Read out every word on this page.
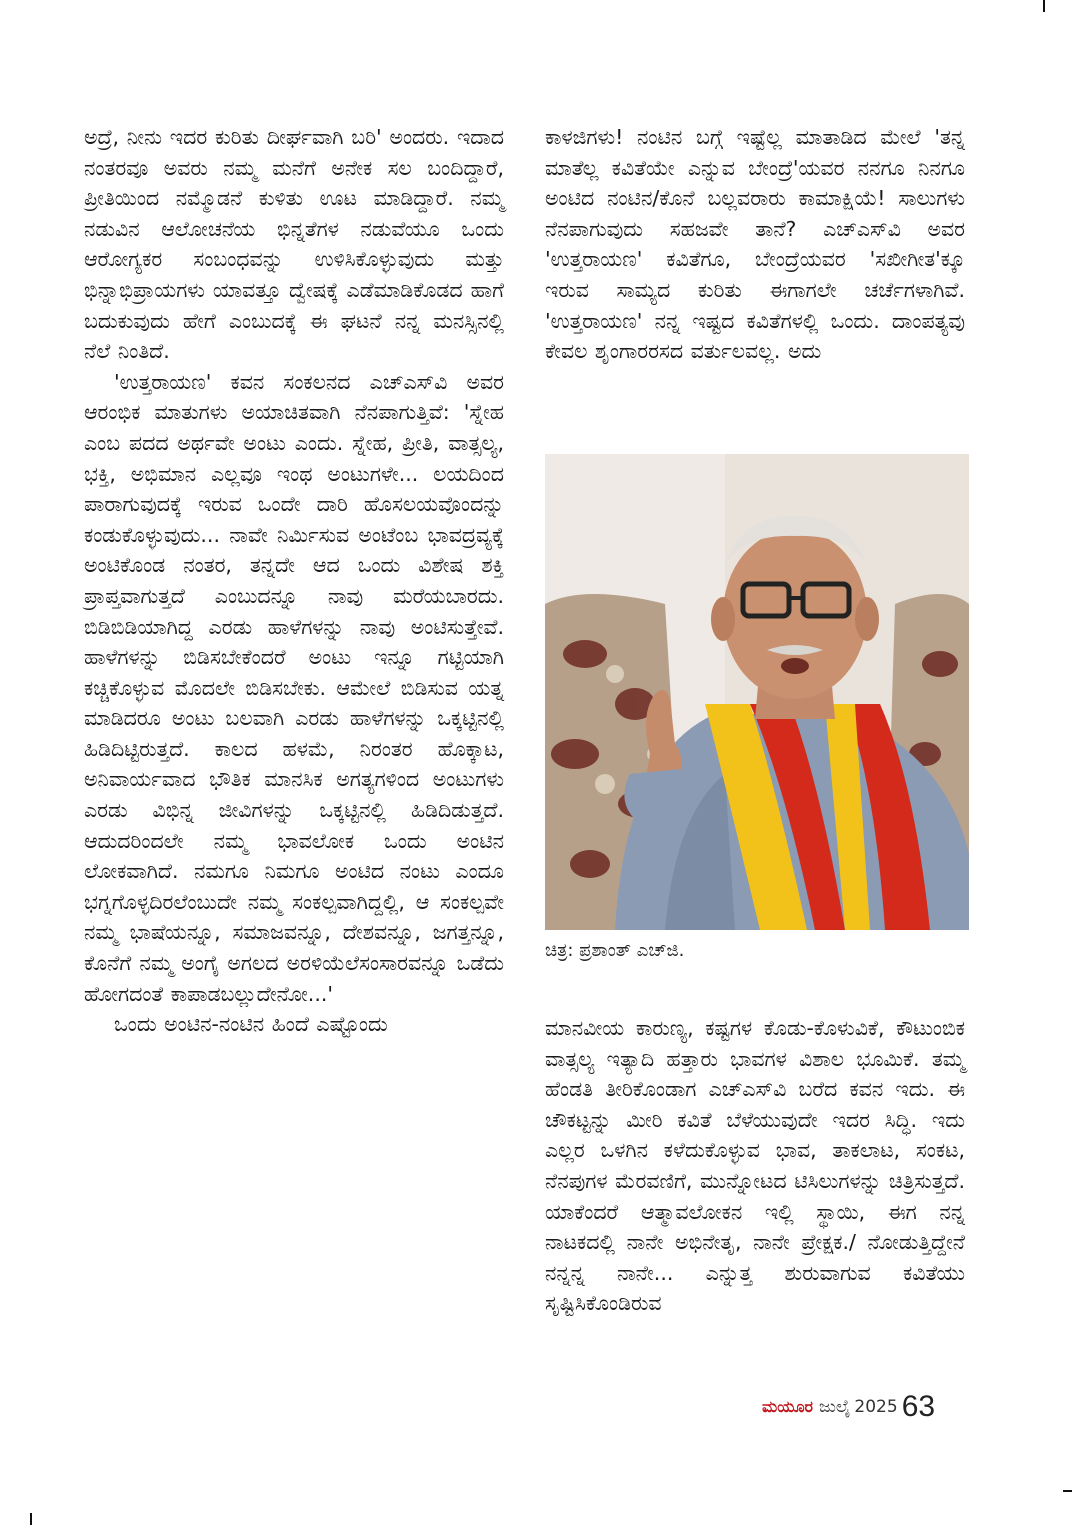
ಅದ್ರೆ, ನೀನು ಇದರ ಕುರಿತು ದೀರ್ಘವಾಗಿ ಬರಿ' ಅಂದರು. ಇದಾದ ನಂತರವೂ ಅವರು ನಮ್ಮ ಮನೆಗೆ ಅನೇಕ ಸಲ ಬಂದಿದ್ದಾರೆ, ಪ್ರೀತಿಯಿಂದ ನಮ್ಮೊಡನೆ ಕುಳಿತು ಊಟ ಮಾಡಿದ್ದಾರೆ. ನಮ್ಮ ನಡುವಿನ ಆಲೋಚನೆಯ ಭಿನ್ನತೆಗಳ ನಡುವೆಯೂ ಒಂದು ಆರೋಗ್ಯಕರ ಸಂಬಂಧವನ್ನು ಉಳಿಸಿಕೊಳ್ಳುವುದು ಮತ್ತು ಭಿನ್ನಾಭಿಪ್ರಾಯಗಳು ಯಾವತ್ತೂ ದ್ವೇಷಕ್ಕೆ ಎಡೆಮಾಡಿಕೊಡದ ಹಾಗೆ ಬದುಕುವುದು ಹೇಗೆ ಎಂಬುದಕ್ಕೆ ಈ ಘಟನೆ ನನ್ನ ಮನಸ್ಸಿನಲ್ಲಿ ನೆಲೆ ನಿಂತಿದೆ.

'ಉತ್ತರಾಯಣ' ಕವನ ಸಂಕಲನದ ಎಚ್‌ಎಸ್‌ವಿ ಅವರ ಆರಂಭಿಕ ಮಾತುಗಳು ಅಯಾಚಿತವಾಗಿ ನೆನಪಾಗುತ್ತಿವೆ: 'ಸ್ನೇಹ ಎಂಬ ಪದದ ಅರ್ಥವೇ ಅಂಟು ಎಂದು. ಸ್ನೇಹ, ಪ್ರೀತಿ, ವಾತ್ಸಲ್ಯ, ಭಕ್ತಿ, ಅಭಿಮಾನ ಎಲ್ಲವೂ ಇಂಥ ಅಂಟುಗಳೇ... ಲಯದಿಂದ ಪಾರಾಗುವುದಕ್ಕೆ ಇರುವ ಒಂದೇ ದಾರಿ ಹೊಸಲಯವೊಂದನ್ನು ಕಂಡುಕೊಳ್ಳುವುದು... ನಾವೇ ನಿರ್ಮಿಸುವ ಅಂಟೆಂಬ ಭಾವದ್ರವ್ಯಕ್ಕೆ ಅಂಟಿಕೊಂಡ ನಂತರ, ತನ್ನದೇ ಆದ ಒಂದು ವಿಶೇಷ ಶಕ್ತಿ ಪ್ರಾಪ್ತವಾಗುತ್ತದೆ ಎಂಬುದನ್ನೂ ನಾವು ಮರೆಯಬಾರದು. ಬಿಡಿಬಿಡಿಯಾಗಿದ್ದ ಎರಡು ಹಾಳೆಗಳನ್ನು ನಾವು ಅಂಟಿಸುತ್ತೇವೆ. ಹಾಳೆಗಳನ್ನು ಬಿಡಿಸಬೇಕೆಂದರೆ ಅಂಟು ಇನ್ನೂ ಗಟ್ಟಿಯಾಗಿ ಕಚ್ಚಿಕೊಳ್ಳುವ ಮೊದಲೇ ಬಿಡಿಸಬೇಕು. ಆಮೇಲೆ ಬಿಡಿಸುವ ಯತ್ನ ಮಾಡಿದರೂ ಅಂಟು ಬಲವಾಗಿ ಎರಡು ಹಾಳೆಗಳನ್ನು ಒಕ್ಕಟ್ಟಿನಲ್ಲಿ ಹಿಡಿದಿಟ್ಟಿರುತ್ತದೆ. ಕಾಲದ ಹಳಮೆ, ನಿರಂತರ ಹೊಕ್ಕಾಟ, ಅನಿವಾರ್ಯವಾದ ಭೌತಿಕ ಮಾನಸಿಕ ಅಗತ್ಯಗಳಿಂದ ಅಂಟುಗಳು ಎರಡು ವಿಭಿನ್ನ ಜೀವಿಗಳನ್ನು ಒಕ್ಕಟ್ಟಿನಲ್ಲಿ ಹಿಡಿದಿಡುತ್ತದೆ. ಆದುದರಿಂದಲೇ ನಮ್ಮ ಭಾವಲೋಕ ಒಂದು ಅಂಟಿನ ಲೋಕವಾಗಿದೆ. ನಮಗೂ ನಿಮಗೂ ಅಂಟಿದ ನಂಟು ಎಂದೂ ಭಗ್ನಗೊಳ್ಳದಿರಲೆಂಬುದೇ ನಮ್ಮ ಸಂಕಲ್ಪವಾಗಿದ್ದಲ್ಲಿ, ಆ ಸಂಕಲ್ಪವೇ ನಮ್ಮ ಭಾಷೆಯನ್ನೂ, ಸಮಾಜವನ್ನೂ, ದೇಶವನ್ನೂ, ಜಗತ್ತನ್ನೂ, ಕೊನೆಗೆ ನಮ್ಮ ಅಂಗೈ ಅಗಲದ ಅರಳಿಯೆಲೆಸಂಸಾರವನ್ನೂ ಒಡೆದು ಹೋಗದಂತೆ ಕಾಪಾಡಬಲ್ಲುದೇನೋ...'

ಒಂದು ಅಂಟಿನ-ನಂಟಿನ ಹಿಂದೆ ಎಷ್ಟೊಂದು

ಕಾಳಜಿಗಳು! ನಂಟಿನ ಬಗ್ಗೆ ಇಷ್ಟೆಲ್ಲ ಮಾತಾಡಿದ ಮೇಲೆ 'ತನ್ನ ಮಾತೆಲ್ಲ ಕವಿತೆಯೇ ಎನ್ನುವ ಬೇಂದ್ರೆ'ಯವರ ನನಗೂ ನಿನಗೂ ಅಂಟಿದ ನಂಟಿನ/ಕೊನೆ ಬಲ್ಲವರಾರು ಕಾಮಾಕ್ಷಿಯೆ! ಸಾಲುಗಳು ನೆನಪಾಗುವುದು ಸಹಜವೇ ತಾನೆ? ಎಚ್‌ಎಸ್‌ವಿ ಅವರ 'ಉತ್ತರಾಯಣ' ಕವಿತೆಗೂ, ಬೇಂದ್ರೆಯವರ 'ಸಖೀಗೀತ'ಕ್ಕೂ ಇರುವ ಸಾಮ್ಯದ ಕುರಿತು ಈಗಾಗಲೇ ಚರ್ಚೆಗಳಾಗಿವೆ. 'ಉತ್ತರಾಯಣ' ನನ್ನ ಇಷ್ಟದ ಕವಿತೆಗಳಲ್ಲಿ ಒಂದು. ದಾಂಪತ್ಯವು ಕೇವಲ ಶೃಂಗಾರರಸದ ವರ್ತುಲವಲ್ಲ. ಅದು

ಚಿತ್ರ: ಪ್ರಶಾಂತ್ ಎಚ್‌ಜಿ.

ಮಾನವೀಯ ಕಾರುಣ್ಯ, ಕಷ್ಟಗಳ ಕೊಡು-ಕೊಳುವಿಕೆ, ಕೌಟುಂಬಿಕ ವಾತ್ಸಲ್ಯ ಇತ್ಯಾದಿ ಹತ್ತಾರು ಭಾವಗಳ ವಿಶಾಲ ಭೂಮಿಕೆ. ತಮ್ಮ ಹೆಂಡತಿ ತೀರಿಕೊಂಡಾಗ ಎಚ್‌ಎಸ್‌ವಿ ಬರೆದ ಕವನ ಇದು. ಈ ಚೌಕಟ್ಟನ್ನು ಮೀರಿ ಕವಿತೆ ಬೆಳೆಯುವುದೇ ಇದರ ಸಿದ್ಧಿ. ಇದು ಎಲ್ಲರ ಒಳಗಿನ ಕಳೆದುಕೊಳ್ಳುವ ಭಾವ, ತಾಕಲಾಟ, ಸಂಕಟ, ನೆನಪುಗಳ ಮೆರವಣಿಗೆ, ಮುನ್ನೋಟದ ಟಿಸಿಲುಗಳನ್ನು ಚಿತ್ರಿಸುತ್ತದೆ. ಯಾಕೆಂದರೆ ಆತ್ಮಾವಲೋಕನ ಇಲ್ಲಿ ಸ್ಥಾಯಿ, ಈಗ ನನ್ನ ನಾಟಕದಲ್ಲಿ ನಾನೇ ಅಭಿನೇತೃ, ನಾನೇ ಪ್ರೇಕ್ಷಕ./ ನೋಡುತ್ತಿದ್ದೇನೆ ನನ್ನನ್ನ ನಾನೇ... ಎನ್ನುತ್ತ ಶುರುವಾಗುವ ಕವಿತೆಯು ಸೃಷ್ಟಿಸಿಕೊಂಡಿರುವ

ಮಯೂರ ಜುಲೈ 2025 63
